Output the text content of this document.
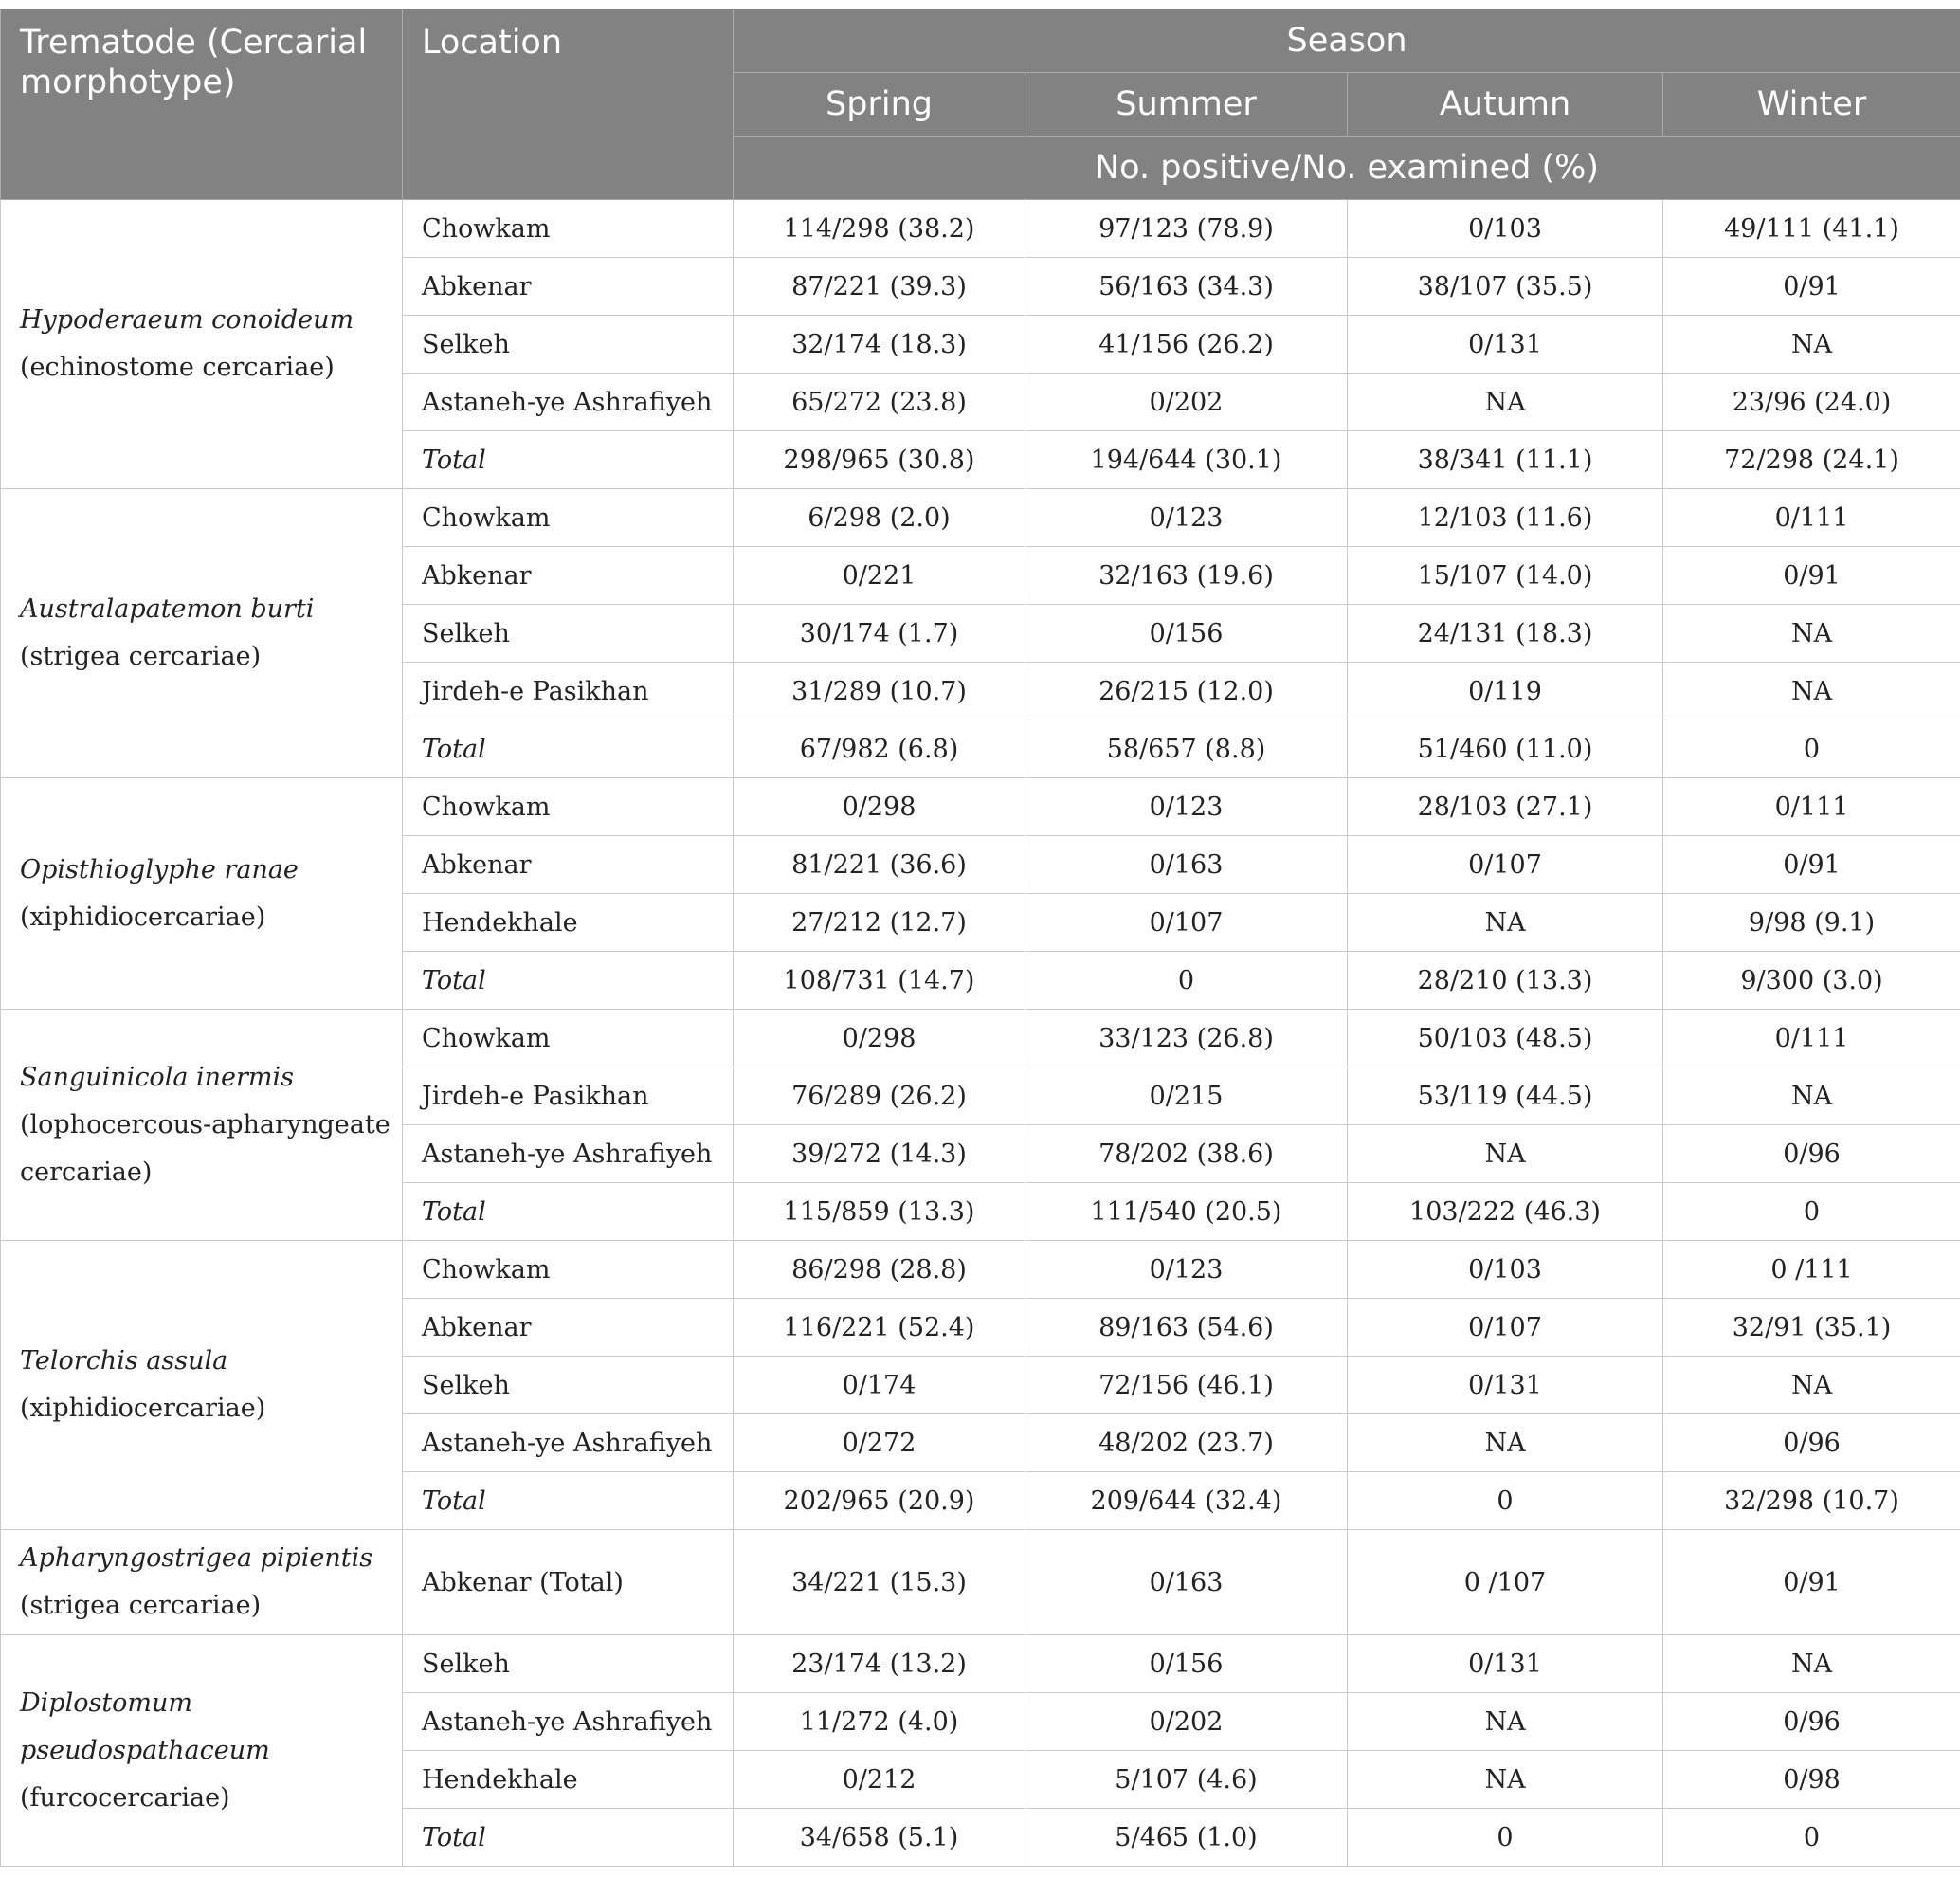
Trematode (Cercarial morphotype)	Location	Season			
		Spring	Summer	Autumn	Winter
		No. positive/No. examined (%)			

Hypoderaeum conoideum
(echinostome cercariae)	Chowkam	114/298 (38.2)	97/123 (78.9)	0/103	49/111 (41.1)
	Abkenar	87/221 (39.3)	56/163 (34.3)	38/107 (35.5)	0/91
	Selkeh	32/174 (18.3)	41/156 (26.2)	0/131	NA
	Astaneh-ye Ashrafiyeh	65/272 (23.8)	0/202	NA	23/96 (24.0)
	Total	298/965 (30.8)	194/644 (30.1)	38/341 (11.1)	72/298 (24.1)

Australapatemon burti
(strigea cercariae)	Chowkam	6/298 (2.0)	0/123	12/103 (11.6)	0/111
	Abkenar	0/221	32/163 (19.6)	15/107 (14.0)	0/91
	Selkeh	30/174 (1.7)	0/156	24/131 (18.3)	NA
	Jirdeh-e Pasikhan	31/289 (10.7)	26/215 (12.0)	0/119	NA
	Total	67/982 (6.8)	58/657 (8.8)	51/460 (11.0)	0

Opisthioglyphe ranae
(xiphidiocercariae)	Chowkam	0/298	0/123	28/103 (27.1)	0/111
	Abkenar	81/221 (36.6)	0/163	0/107	0/91
	Hendekhale	27/212 (12.7)	0/107	NA	9/98 (9.1)
	Total	108/731 (14.7)	0	28/210 (13.3)	9/300 (3.0)

Sanguinicola inermis
(lophocercous-apharyngeate cercariae)	Chowkam	0/298	33/123 (26.8)	50/103 (48.5)	0/111
	Jirdeh-e Pasikhan	76/289 (26.2)	0/215	53/119 (44.5)	NA
	Astaneh-ye Ashrafiyeh	39/272 (14.3)	78/202 (38.6)	NA	0/96
	Total	115/859 (13.3)	111/540 (20.5)	103/222 (46.3)	0

Telorchis assula
(xiphidiocercariae)	Chowkam	86/298 (28.8)	0/123	0/103	0 /111
	Abkenar	116/221 (52.4)	89/163 (54.6)	0/107	32/91 (35.1)
	Selkeh	0/174	72/156 (46.1)	0/131	NA
	Astaneh-ye Ashrafiyeh	0/272	48/202 (23.7)	NA	0/96
	Total	202/965 (20.9)	209/644 (32.4)	0	32/298 (10.7)

Apharyngostrigea pipientis
(strigea cercariae)	Abkenar (Total)	34/221 (15.3)	0/163	0 /107	0/91

Diplostomum pseudospathaceum
(furcocercariae)	Selkeh	23/174 (13.2)	0/156	0/131	NA
	Astaneh-ye Ashrafiyeh	11/272 (4.0)	0/202	NA	0/96
	Hendekhale	0/212	5/107 (4.6)	NA	0/98
	Total	34/658 (5.1)	5/465 (1.0)	0	0
